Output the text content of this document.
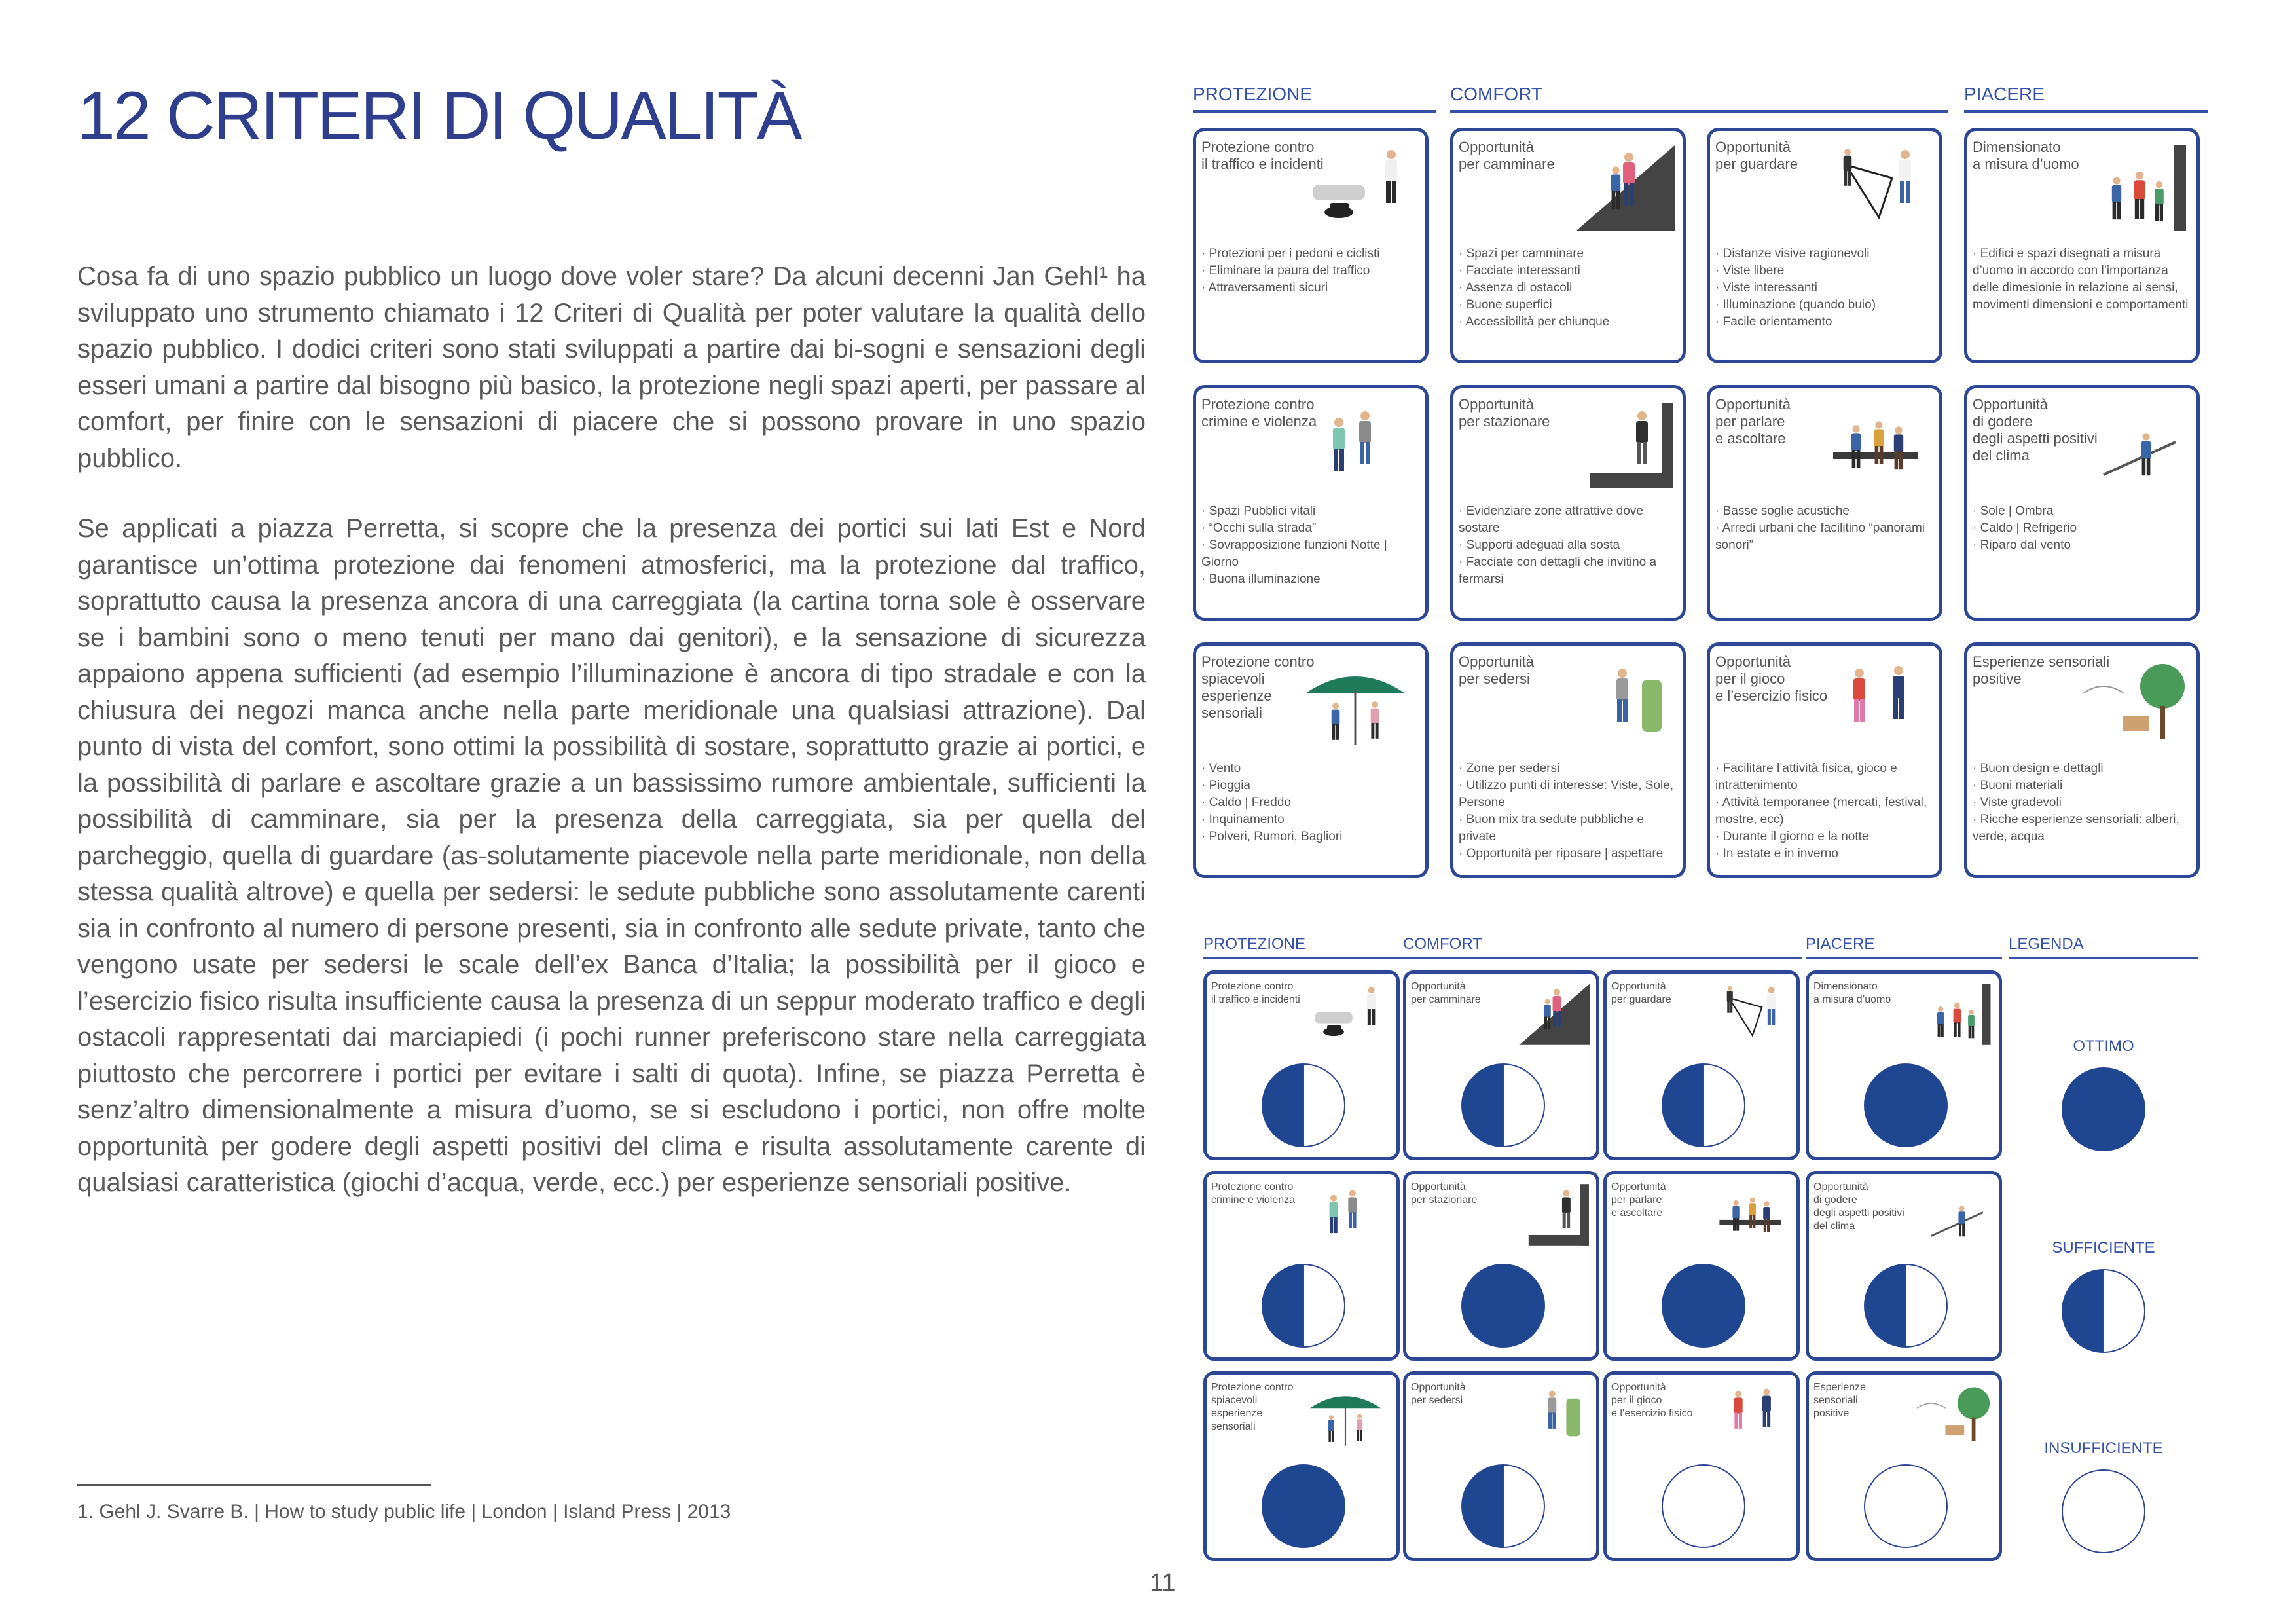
12 CRITERI DI QUALITÀ

Cosa fa di uno spazio pubblico un luogo dove voler stare? Da alcuni decenni Jan Gehl¹ ha sviluppato uno strumento chiamato i 12 Criteri di Qualità per poter valutare la qualità dello spazio pubblico. I dodici criteri sono stati sviluppati a partire dai bi-sogni e sensazioni degli esseri umani a partire dal bisogno più basico, la protezione negli spazi aperti, per passare al comfort, per finire con le sensazioni di piacere che si possono provare in uno spazio pubblico.

Se applicati a piazza Perretta, si scopre che la presenza dei portici sui lati Est e Nord garantisce un’ottima protezione dai fenomeni atmosferici, ma la protezione dal traffico, soprattutto causa la presenza ancora di una carreggiata (la cartina torna sole è osservare se i bambini sono o meno tenuti per mano dai genitori), e la sensazione di sicurezza appaiono appena sufficienti (ad esempio l’illuminazione è ancora di tipo stradale e con la chiusura dei negozi manca anche nella parte meridionale una qualsiasi attrazione). Dal punto di vista del comfort, sono ottimi la possibilità di sostare, soprattutto grazie ai portici, e la possibilità di parlare e ascoltare grazie a un bassissimo rumore ambientale, sufficienti la possibilità di camminare, sia per la presenza della carreggiata, sia per quella del parcheggio, quella di guardare (as-solutamente piacevole nella parte meridionale, non della stessa qualità altrove) e quella per sedersi: le sedute pubbliche sono assolutamente carenti sia in confronto al numero di persone presenti, sia in confronto alle sedute private, tanto che vengono usate per sedersi le scale dell’ex Banca d’Italia; la possibilità per il gioco e l’esercizio fisico risulta insufficiente causa la presenza di un seppur moderato traffico e degli ostacoli rappresentati dai marciapiedi (i pochi runner preferiscono stare nella carreggiata piuttosto che percorrere i portici per evitare i salti di quota). Infine, se piazza Perretta è senz’altro dimensionalmente a misura d’uomo, se si escludono i portici, non offre molte opportunità per godere degli aspetti positivi del clima e risulta assolutamente carente di qualsiasi caratteristica (giochi d’acqua, verde, ecc.) per esperienze sensoriali positive.

1. Gehl J. Svarre B. | How to study public life | London | Island Press | 2013
11
PROTEZIONE	COMFORT	PIACERE
Protezione contro
il traffico e incidenti
· Protezioni per i pedoni e ciclisti
· Eliminare la paura del traffico
· Attraversamenti sicuri
Opportunità
per camminare
· Spazi per camminare
· Facciate interessanti
· Assenza di ostacoli
· Buone superfici
· Accessibilità per chiunque
Opportunità
per guardare
· Distanze visive ragionevoli
· Viste libere
· Viste interessanti
· Illuminazione (quando buio)
· Facile orientamento
Dimensionato
a misura d’uomo
· Edifici e spazi disegnati a misura d’uomo in accordo con l’importanza delle dimesionie in relazione ai sensi, movimenti dimensioni e comportamenti
Protezione contro
crimine e violenza
· Spazi Pubblici vitali
· “Occhi sulla strada”
· Sovrapposizione funzioni Notte | Giorno
· Buona illuminazione
Opportunità
per stazionare
· Evidenziare zone attrattive dove sostare
· Supporti adeguati alla sosta
· Facciate con dettagli che invitino a fermarsi
Opportunità
per parlare
e ascoltare
· Basse soglie acustiche
· Arredi urbani che facilitino “panorami sonori”
Opportunità
di godere
degli aspetti positivi
del clima
· Sole | Ombra
· Caldo | Refrigerio
· Riparo dal vento
Protezione contro
spiacevoli
esperienze
sensoriali
· Vento
· Pioggia
· Caldo | Freddo
· Inquinamento
· Polveri, Rumori, Bagliori
Opportunità
per sedersi
· Zone per sedersi
· Utilizzo punti di interesse: Viste, Sole, Persone
· Buon mix tra sedute pubbliche e private
· Opportunità per riposare | aspettare
Opportunità
per il gioco
e l’esercizio fisico
· Facilitare l’attività fisica, gioco e intrattenimento
· Attività temporanee (mercati, festival, mostre, ecc)
· Durante il giorno e la notte
· In estate e in inverno
Esperienze sensoriali
positive
· Buon design e dettagli
· Buoni materiali
· Viste gradevoli
· Ricche esperienze sensoriali: alberi, verde, acqua
PROTEZIONE	COMFORT	PIACERE	LEGENDA
Protezione contro
il traffico e incidenti
Opportunità
per camminare
Opportunità
per guardare
Dimensionato
a misura d’uomo
Protezione contro
crimine e violenza
Opportunità
per stazionare
Opportunità
per parlare
e ascoltare
Opportunità
di godere
degli aspetti positivi
del clima
Protezione contro
spiacevoli
esperienze
sensoriali
Opportunità
per sedersi
Opportunità
per il gioco
e l’esercizio fisico
Esperienze sensoriali
positive
OTTIMO
SUFFICIENTE
INSUFFICIENTE
